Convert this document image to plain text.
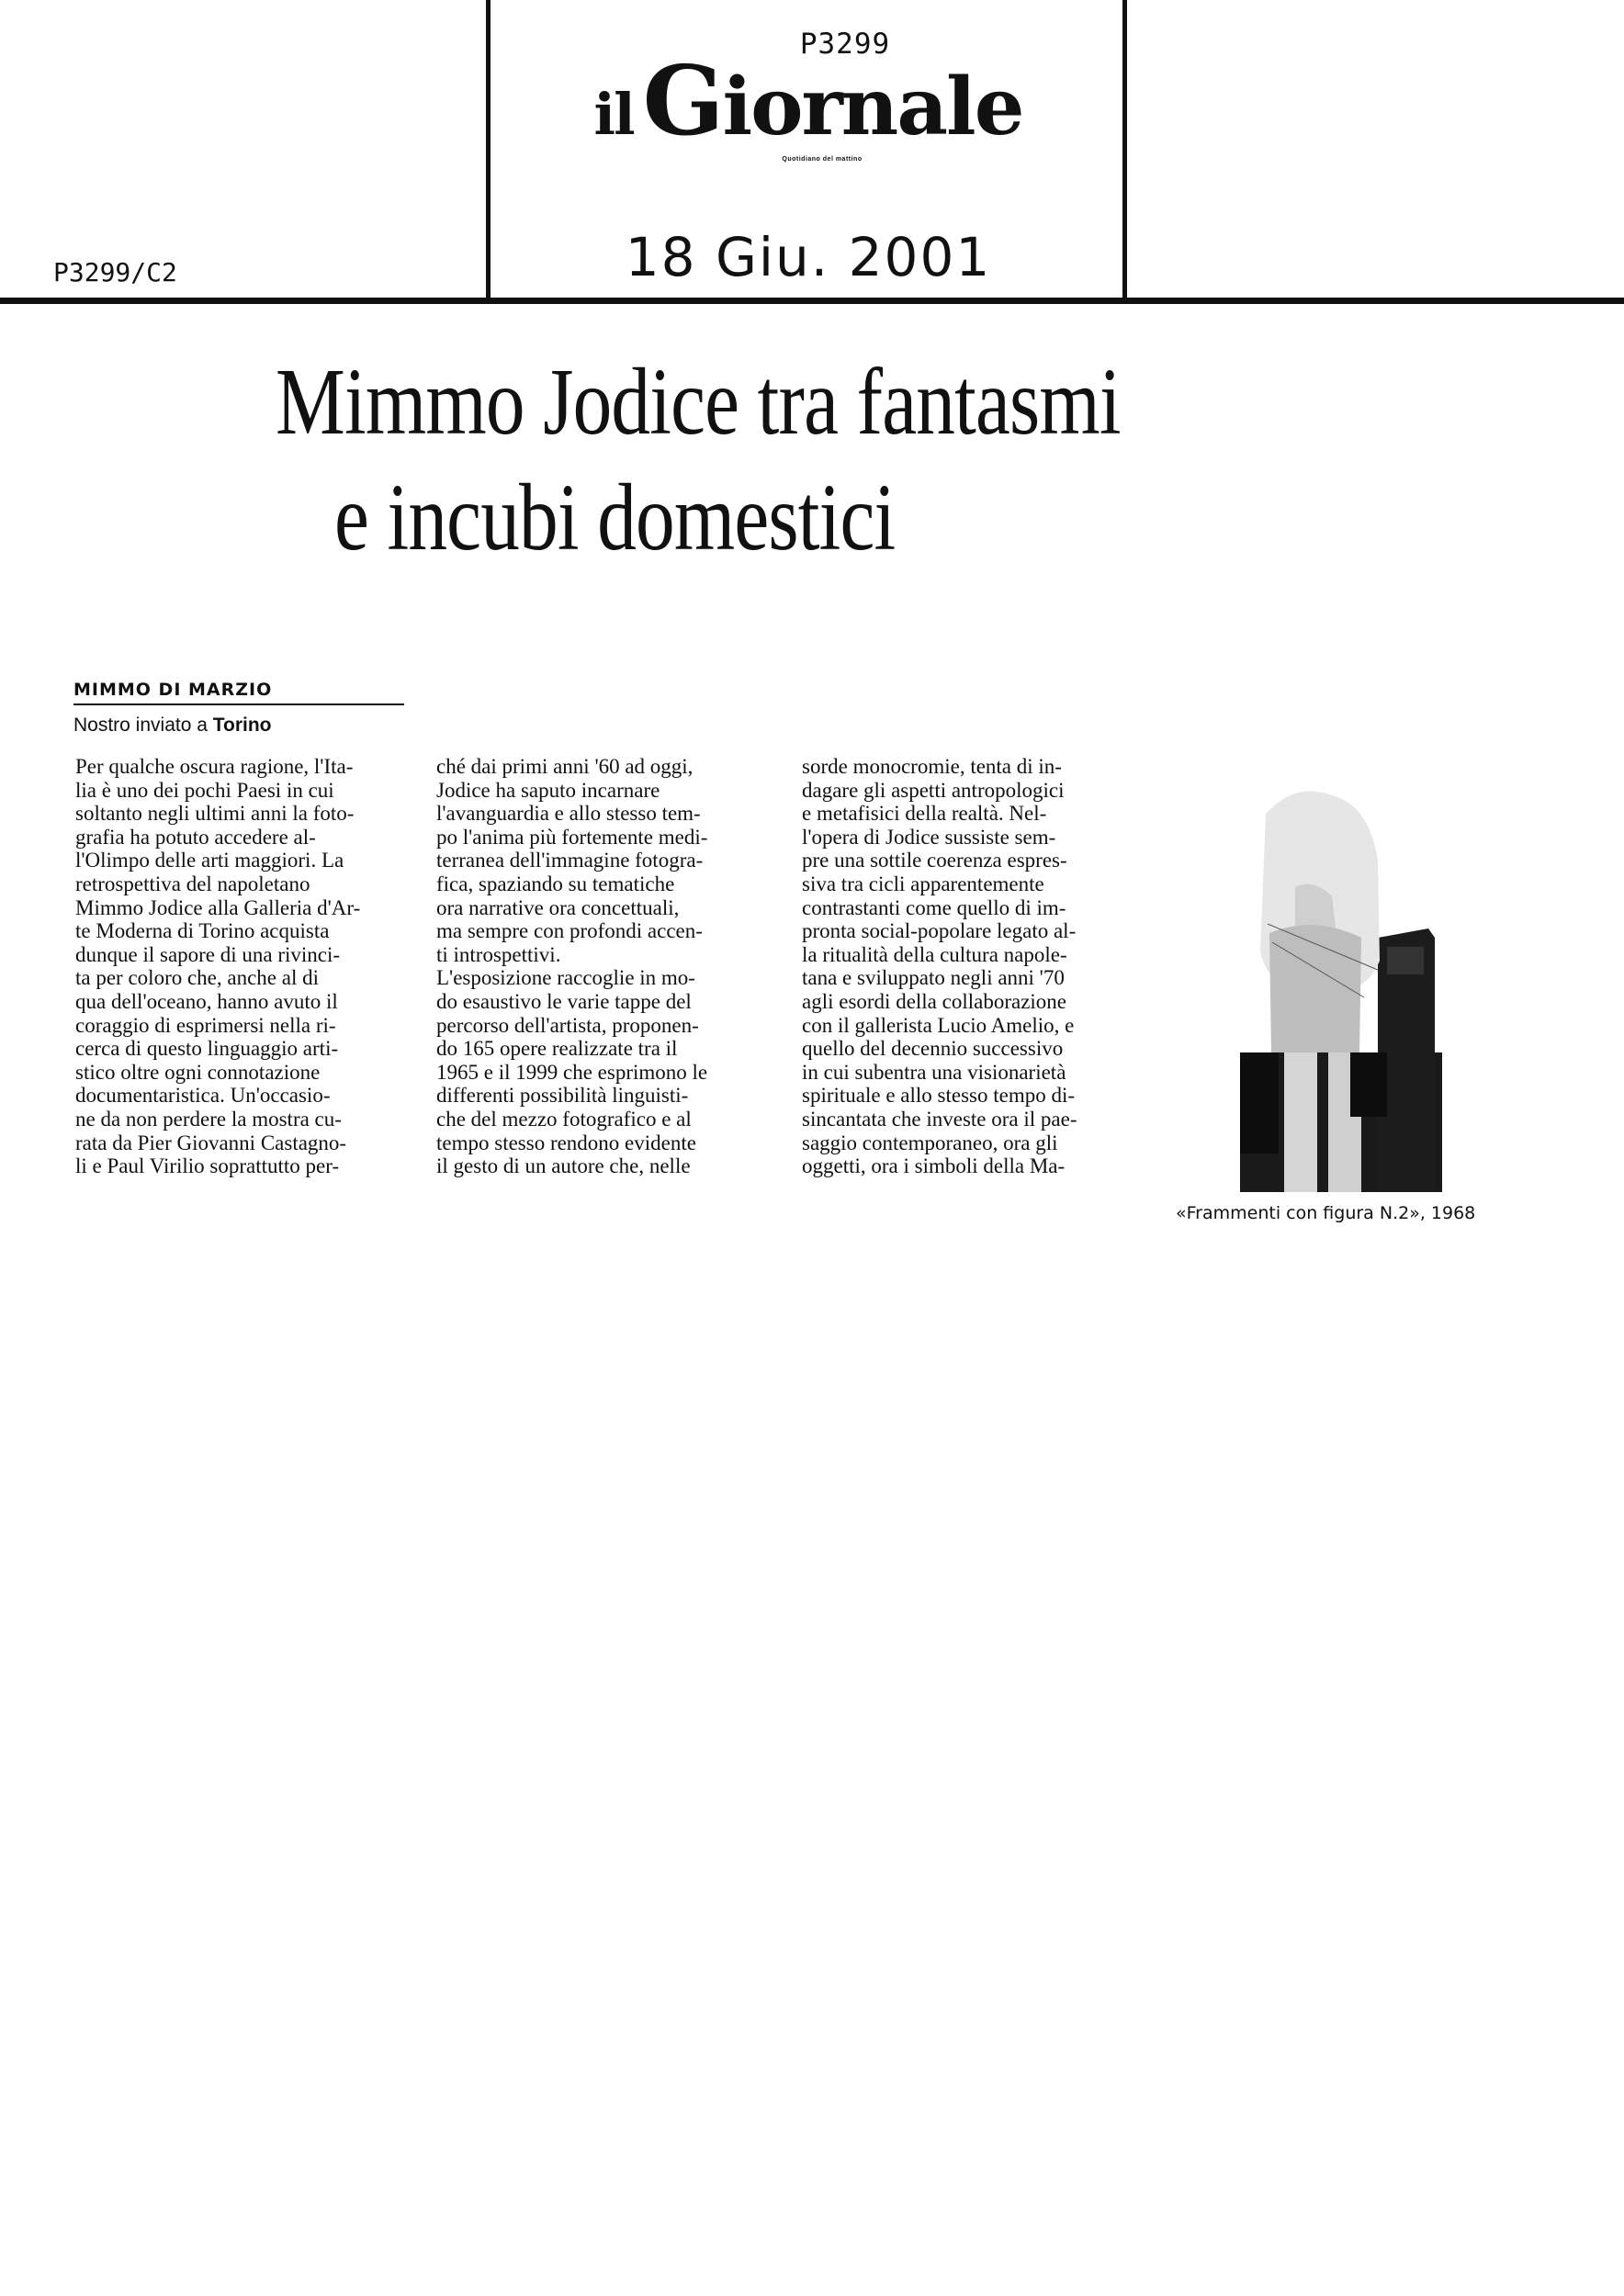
P3299
ilGiornale
Quotidiano del mattino
P3299/C2	18 Giu. 2001
Mimmo Jodice tra fantasmi
e incubi domestici
MIMMO DI MARZIO
Nostro inviato a Torino

Per qualche oscura ragione, l'Ita-
lia è uno dei pochi Paesi in cui
soltanto negli ultimi anni la foto-
grafia ha potuto accedere al-
l'Olimpo delle arti maggiori. La
retrospettiva del napoletano
Mimmo Jodice alla Galleria d'Ar-
te Moderna di Torino acquista
dunque il sapore di una rivinci-
ta per coloro che, anche al di
qua dell'oceano, hanno avuto il
coraggio di esprimersi nella ri-
cerca di questo linguaggio arti-
stico oltre ogni connotazione
documentaristica. Un'occasio-
ne da non perdere la mostra cu-
rata da Pier Giovanni Castagno-
li e Paul Virilio soprattutto per-

ché dai primi anni '60 ad oggi,
Jodice ha saputo incarnare
l'avanguardia e allo stesso tem-
po l'anima più fortemente medi-
terranea dell'immagine fotogra-
fica, spaziando su tematiche
ora narrative ora concettuali,
ma sempre con profondi accen-
ti introspettivi.
L'esposizione raccoglie in mo-
do esaustivo le varie tappe del
percorso dell'artista, proponen-
do 165 opere realizzate tra il
1965 e il 1999 che esprimono le
differenti possibilità linguisti-
che del mezzo fotografico e al
tempo stesso rendono evidente
il gesto di un autore che, nelle

sorde monocromie, tenta di in-
dagare gli aspetti antropologici
e metafisici della realtà. Nel-
l'opera di Jodice sussiste sem-
pre una sottile coerenza espres-
siva tra cicli apparentemente
contrastanti come quello di im-
pronta social-popolare legato al-
la ritualità della cultura napole-
tana e sviluppato negli anni '70
agli esordi della collaborazione
con il gallerista Lucio Amelio, e
quello del decennio successivo
in cui subentra una visionarietà
spirituale e allo stesso tempo di-
sincantata che investe ora il pae-
saggio contemporaneo, ora gli
oggetti, ora i simboli della Ma-

«Frammenti con figura N.2», 1968
